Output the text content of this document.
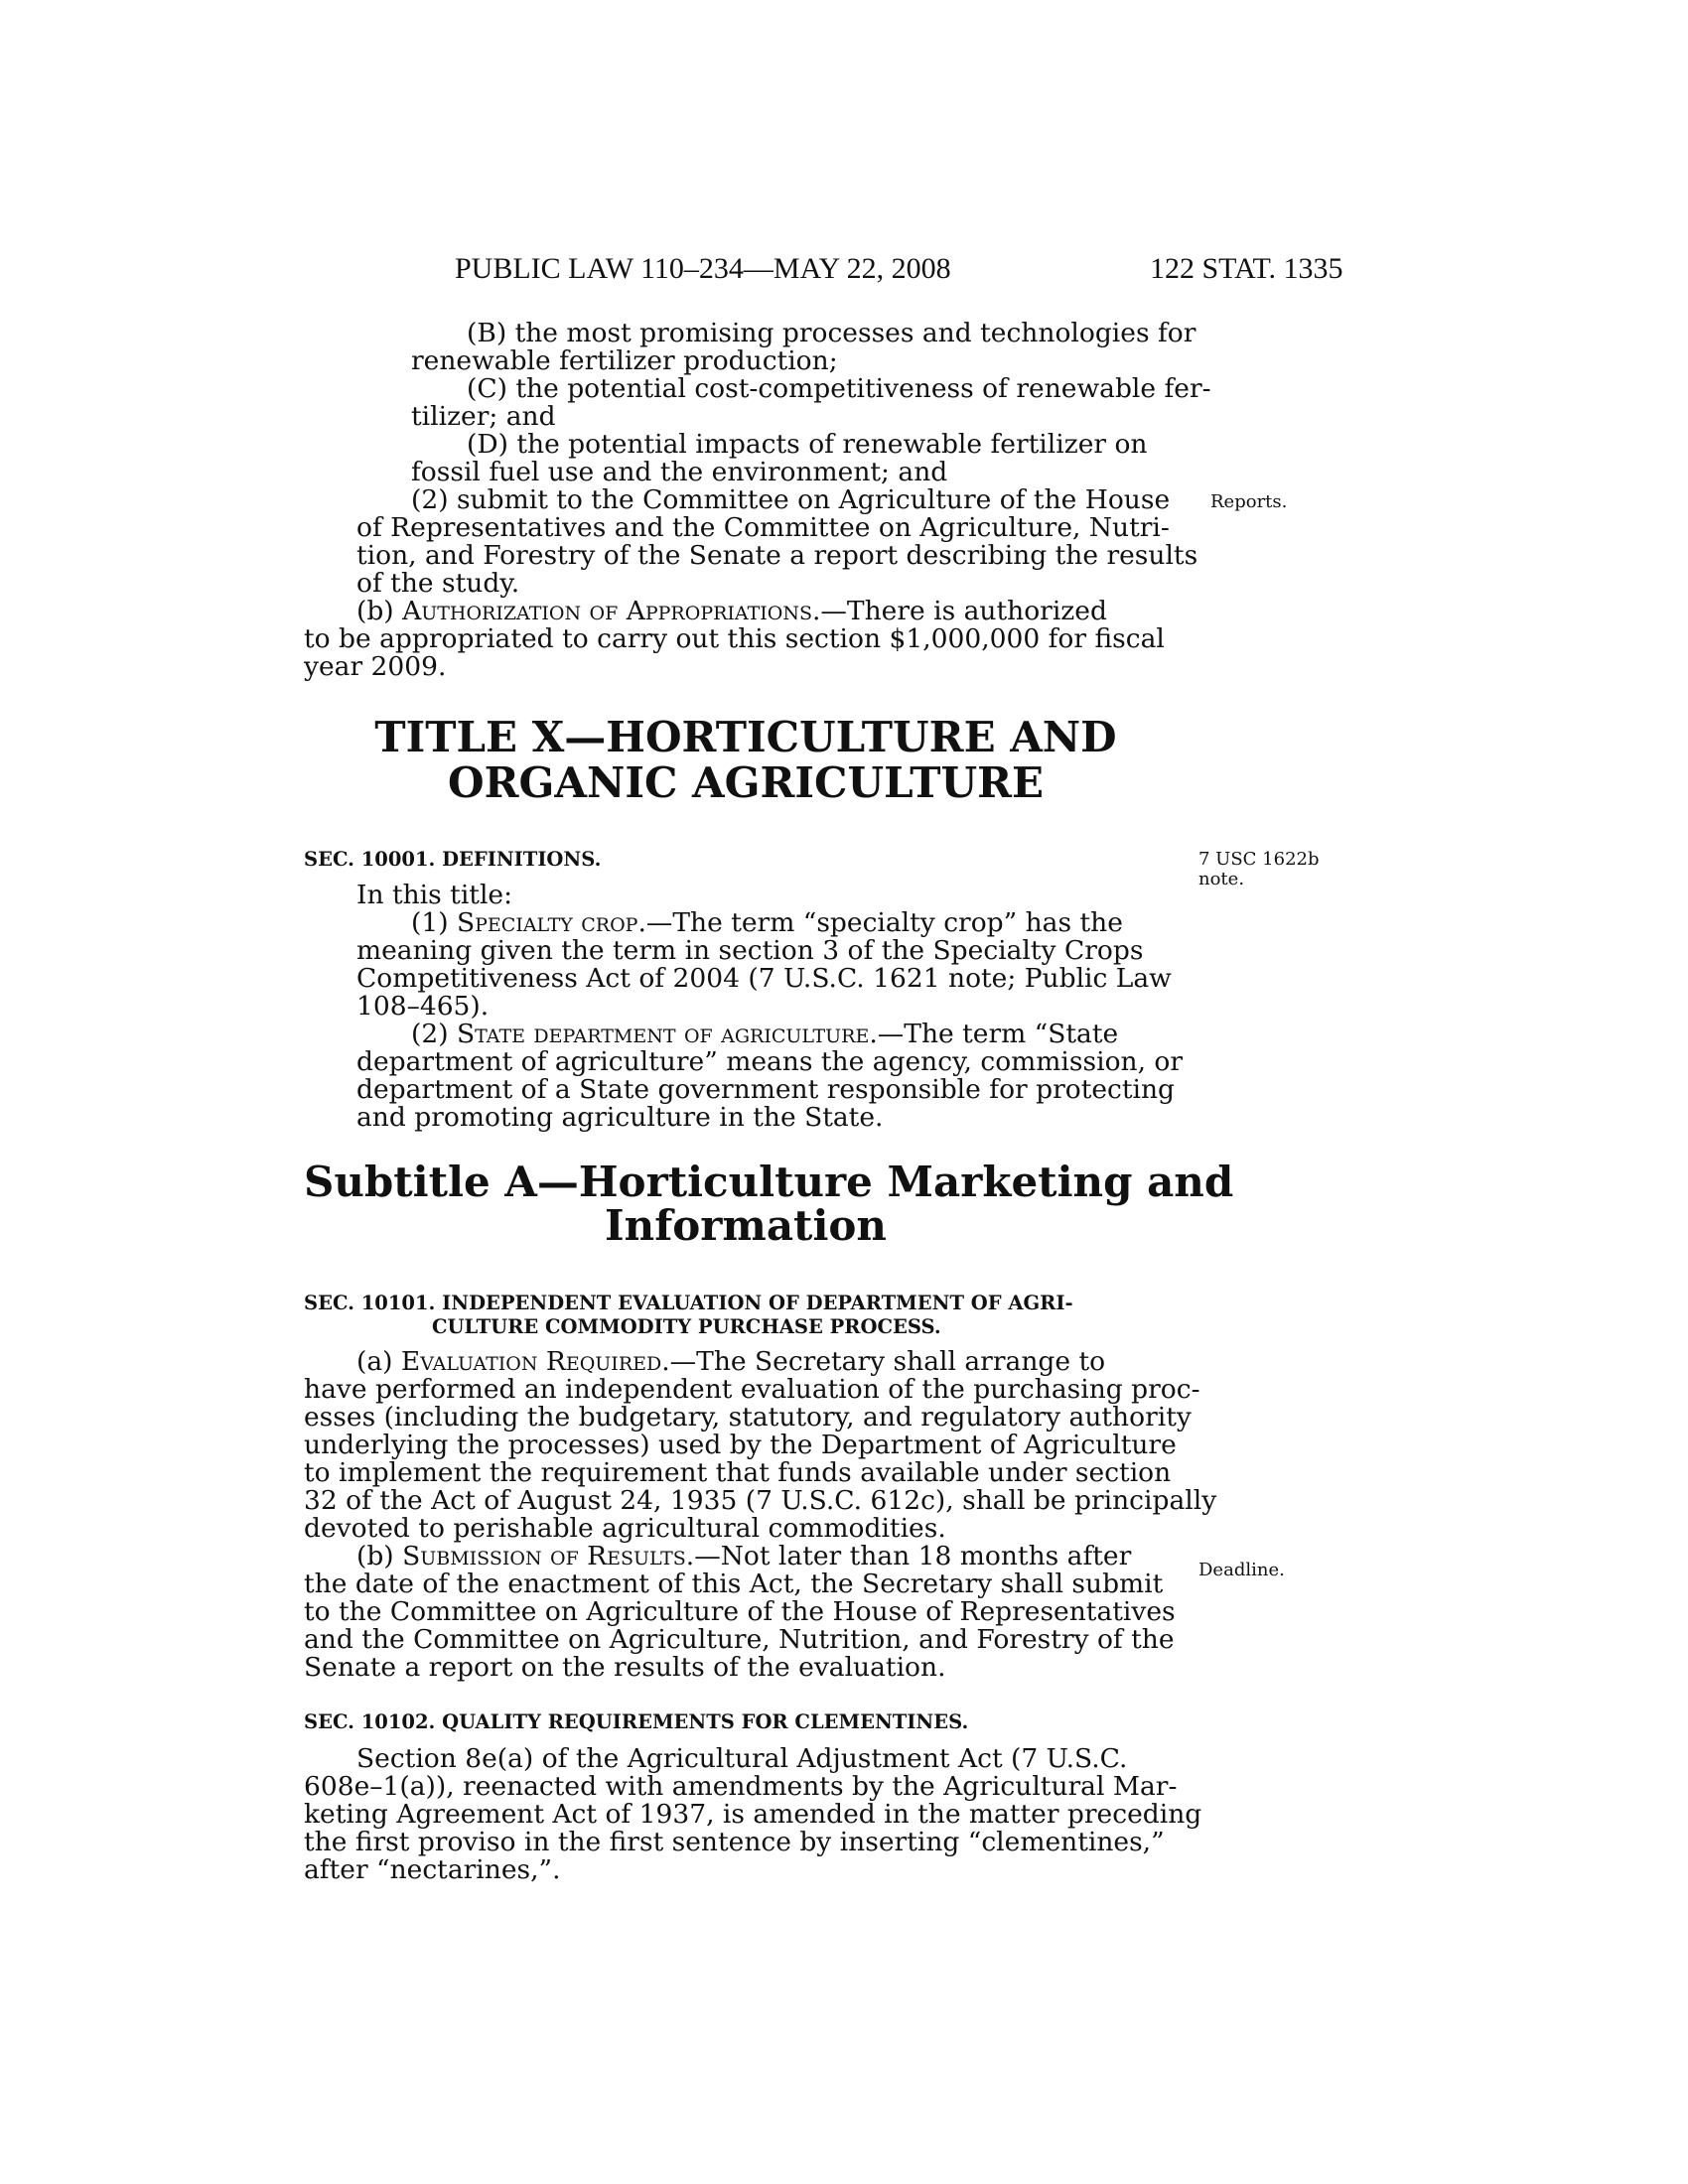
PUBLIC LAW 110–234—MAY 22, 2008	122 STAT. 1335
(B) the most promising processes and technologies for
renewable fertilizer production;
(C) the potential cost-competitiveness of renewable fer-
tilizer; and
(D) the potential impacts of renewable fertilizer on
fossil fuel use and the environment; and
(2) submit to the Committee on Agriculture of the House
of Representatives and the Committee on Agriculture, Nutri-
tion, and Forestry of the Senate a report describing the results
of the study.
(b) Authorization of Appropriations.—There is authorized
to be appropriated to carry out this section $1,000,000 for fiscal
year 2009.
Reports.
7 USC 1622b
note.
Deadline.
TITLE X—HORTICULTURE AND
ORGANIC AGRICULTURE
SEC. 10001. DEFINITIONS.
In this title:
(1) Specialty crop.—The term “specialty crop” has the
meaning given the term in section 3 of the Specialty Crops
Competitiveness Act of 2004 (7 U.S.C. 1621 note; Public Law
108–465).
(2) State department of agriculture.—The term “State
department of agriculture” means the agency, commission, or
department of a State government responsible for protecting
and promoting agriculture in the State.
Subtitle A—Horticulture Marketing and
Information
SEC. 10101. INDEPENDENT EVALUATION OF DEPARTMENT OF AGRI-
CULTURE COMMODITY PURCHASE PROCESS.
(a) Evaluation Required.—The Secretary shall arrange to
have performed an independent evaluation of the purchasing proc-
esses (including the budgetary, statutory, and regulatory authority
underlying the processes) used by the Department of Agriculture
to implement the requirement that funds available under section
32 of the Act of August 24, 1935 (7 U.S.C. 612c), shall be principally
devoted to perishable agricultural commodities.
(b) Submission of Results.—Not later than 18 months after
the date of the enactment of this Act, the Secretary shall submit
to the Committee on Agriculture of the House of Representatives
and the Committee on Agriculture, Nutrition, and Forestry of the
Senate a report on the results of the evaluation.
SEC. 10102. QUALITY REQUIREMENTS FOR CLEMENTINES.
Section 8e(a) of the Agricultural Adjustment Act (7 U.S.C.
608e–1(a)), reenacted with amendments by the Agricultural Mar-
keting Agreement Act of 1937, is amended in the matter preceding
the first proviso in the first sentence by inserting “clementines,”
after “nectarines,”.
